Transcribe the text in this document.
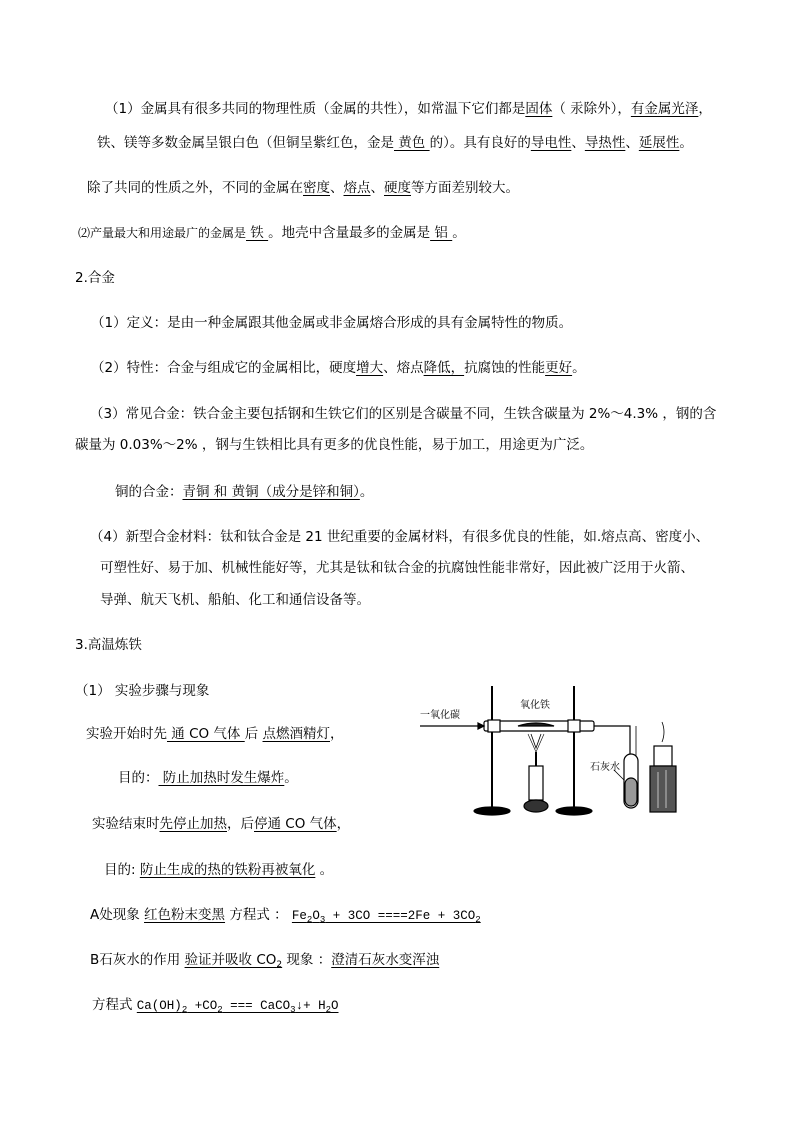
（1）金属具有很多共同的物理性质（金属的共性），如常温下它们都是固体（ 汞除外），有金属光泽，
铁、镁等多数金属呈银白色（但铜呈紫红色，金是 黄色 的）。具有良好的导电性、导热性、延展性。
除了共同的性质之外，不同的金属在密度、熔点、硬度等方面差别较大。
⑵产量最大和用途最广的金属是 铁 。地壳中含量最多的金属是 铝 。
2.合金
（1）定义：是由一种金属跟其他金属或非金属熔合形成的具有金属特性的物质。
（2）特性：合金与组成它的金属相比，硬度增大、熔点降低，抗腐蚀的性能更好。
（3）常见合金：铁合金主要包括钢和生铁它们的区别是含碳量不同，生铁含碳量为 2%～4.3% ，钢的含
碳量为 0.03%～2% ，钢与生铁相比具有更多的优良性能，易于加工，用途更为广泛。
铜的合金：青铜 和 黄铜（成分是锌和铜）。
（4）新型合金材料：钛和钛合金是 21 世纪重要的金属材料，有很多优良的性能，如.熔点高、密度小、
可塑性好、易于加、机械性能好等，尤其是钛和钛合金的抗腐蚀性能非常好，因此被广泛用于火箭、
导弹、航天飞机、船舶、化工和通信设备等。
3.高温炼铁
（1） 实验步骤与现象
实验开始时先 通 CO 气体 后 点燃酒精灯，
目的： 防止加热时发生爆炸。
实验结束时先停止加热，后停通 CO 气体，
目的: 防止生成的热的铁粉再被氧化 。
A处现象 红色粉末变黑 方程式 ： $Fe_2O_3 + 3CO ====2Fe + 3CO_2$
B石灰水的作用 验证并吸收 $CO_2$ 现象 ：澄清石灰水变浑浊
方程式 $Ca(OH)_2 +CO_2$ === CaCO$_3$↓+ $H_2O$
一氧化碳
氧化铁
石灰水
